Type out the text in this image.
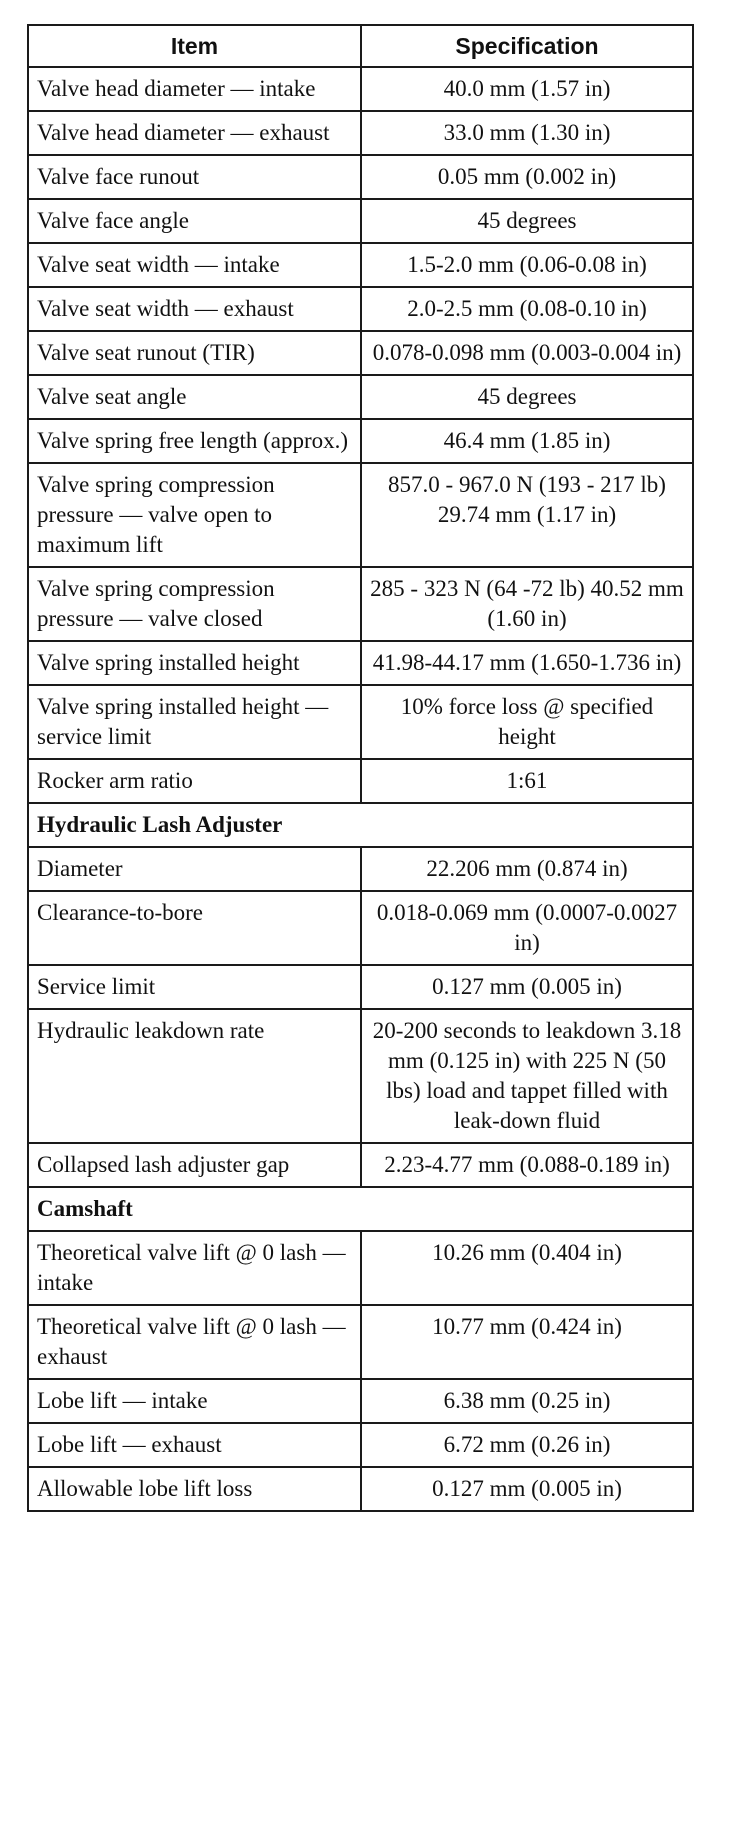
Item	Specification
Valve head diameter — intake	40.0 mm (1.57 in)
Valve head diameter — exhaust	33.0 mm (1.30 in)
Valve face runout	0.05 mm (0.002 in)
Valve face angle	45 degrees
Valve seat width — intake	1.5-2.0 mm (0.06-0.08 in)
Valve seat width — exhaust	2.0-2.5 mm (0.08-0.10 in)
Valve seat runout (TIR)	0.078-0.098 mm (0.003-0.004 in)
Valve seat angle	45 degrees
Valve spring free length (approx.)	46.4 mm (1.85 in)
Valve spring compression pressure — valve open to maximum lift	857.0 - 967.0 N (193 - 217 lb) 29.74 mm (1.17 in)
Valve spring compression pressure — valve closed	285 - 323 N (64 -72 lb) 40.52 mm (1.60 in)
Valve spring installed height	41.98-44.17 mm (1.650-1.736 in)
Valve spring installed height — service limit	10% force loss @ specified height
Rocker arm ratio	1:61
Hydraulic Lash Adjuster	
Diameter	22.206 mm (0.874 in)
Clearance-to-bore	0.018-0.069 mm (0.0007-0.0027 in)
Service limit	0.127 mm (0.005 in)
Hydraulic leakdown rate	20-200 seconds to leakdown 3.18 mm (0.125 in) with 225 N (50 lbs) load and tappet filled with leak-down fluid
Collapsed lash adjuster gap	2.23-4.77 mm (0.088-0.189 in)
Camshaft	
Theoretical valve lift @ 0 lash — intake	10.26 mm (0.404 in)
Theoretical valve lift @ 0 lash — exhaust	10.77 mm (0.424 in)
Lobe lift — intake	6.38 mm (0.25 in)
Lobe lift — exhaust	6.72 mm (0.26 in)
Allowable lobe lift loss	0.127 mm (0.005 in)
